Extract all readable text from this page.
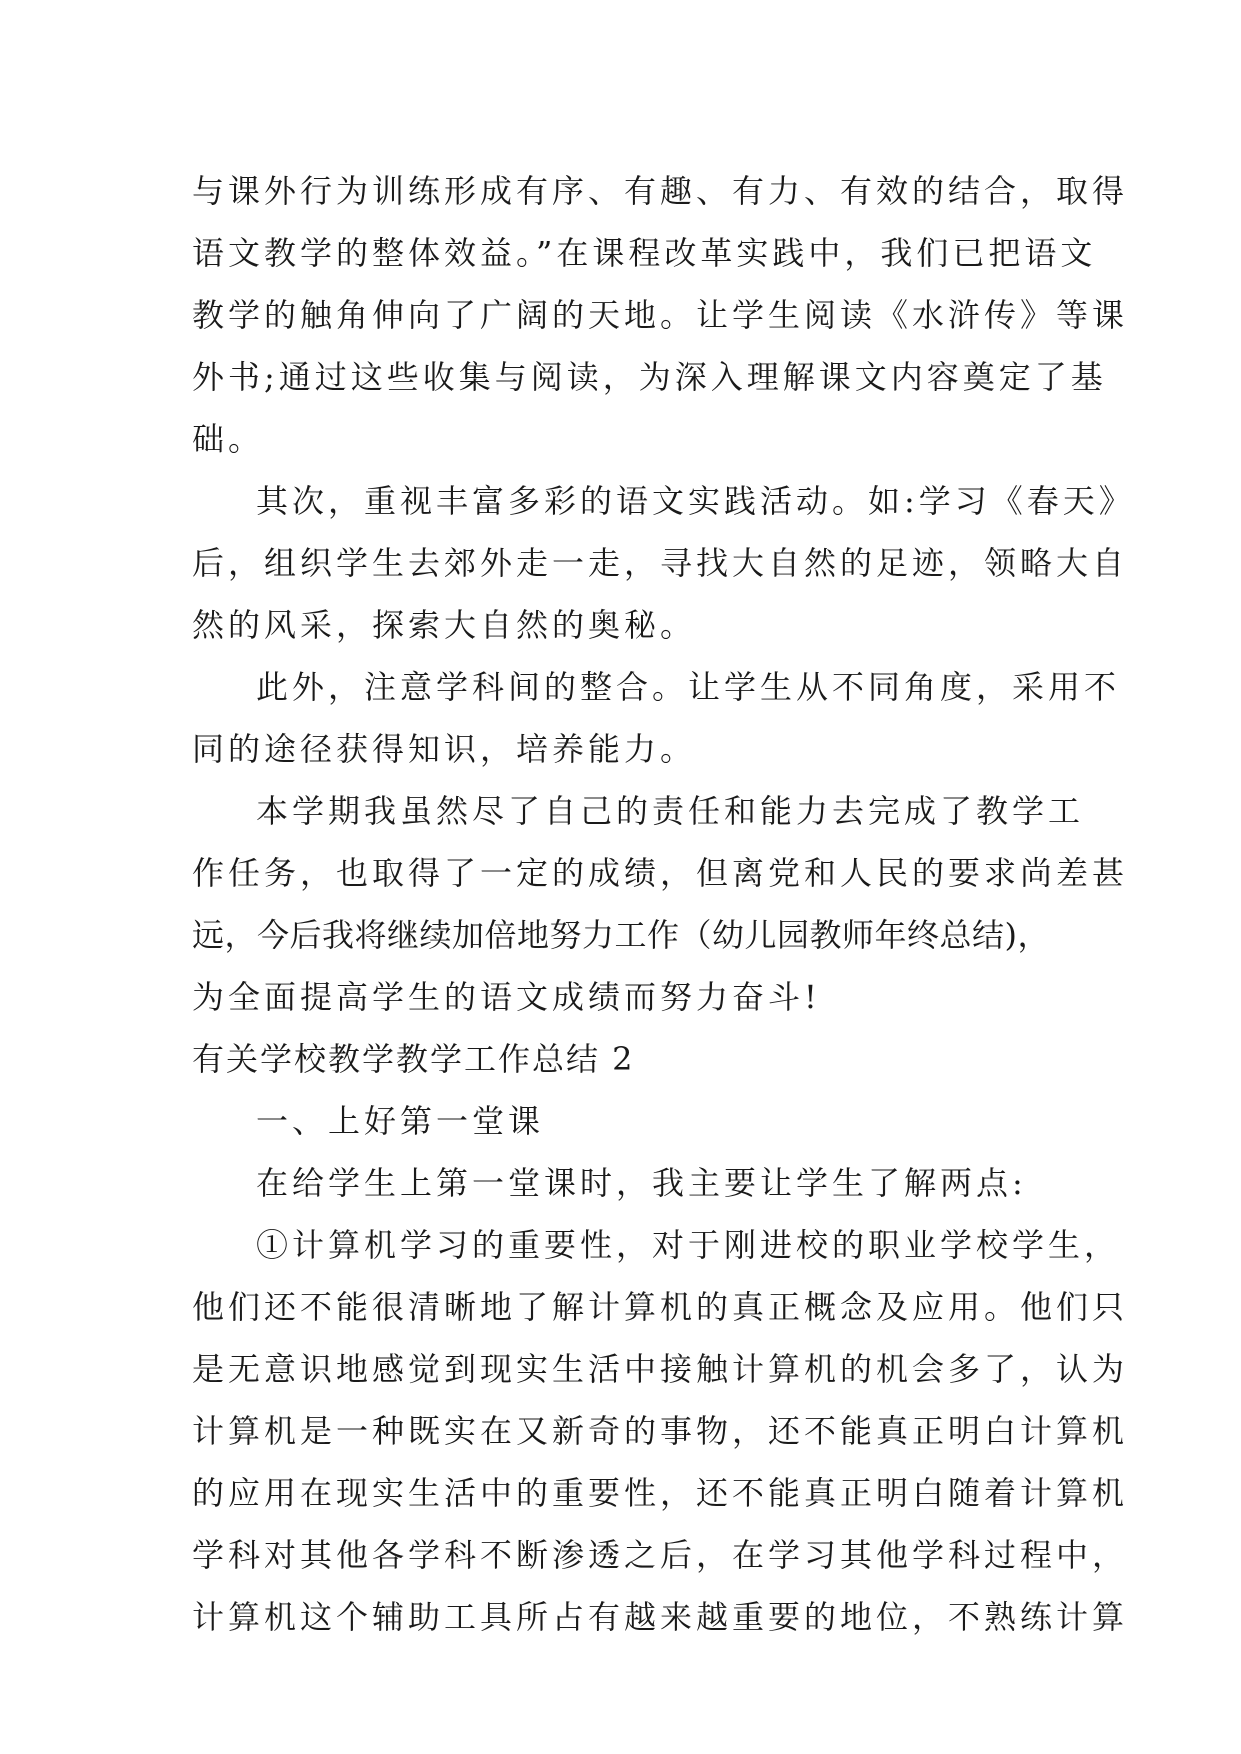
与课外行为训练形成有序、有趣、有力、有效的结合，取得
语文教学的整体效益。”在课程改革实践中，我们已把语文
教学的触角伸向了广阔的天地。让学生阅读《水浒传》等课
外书;通过这些收集与阅读，为深入理解课文内容奠定了基
础。
其次，重视丰富多彩的语文实践活动。如:学习《春天》
后，组织学生去郊外走一走，寻找大自然的足迹，领略大自
然的风采，探索大自然的奥秘。
此外，注意学科间的整合。让学生从不同角度，采用不
同的途径获得知识，培养能力。
本学期我虽然尽了自己的责任和能力去完成了教学工
作任务，也取得了一定的成绩，但离党和人民的要求尚差甚
远，今后我将继续加倍地努力工作（幼儿园教师年终总结)，
为全面提高学生的语文成绩而努力奋斗!
有关学校教学教学工作总结 2
一、上好第一堂课
在给学生上第一堂课时，我主要让学生了解两点:
①计算机学习的重要性，对于刚进校的职业学校学生，
他们还不能很清晰地了解计算机的真正概念及应用。他们只
是无意识地感觉到现实生活中接触计算机的机会多了，认为
计算机是一种既实在又新奇的事物，还不能真正明白计算机
的应用在现实生活中的重要性，还不能真正明白随着计算机
学科对其他各学科不断渗透之后，在学习其他学科过程中，
计算机这个辅助工具所占有越来越重要的地位，不熟练计算
